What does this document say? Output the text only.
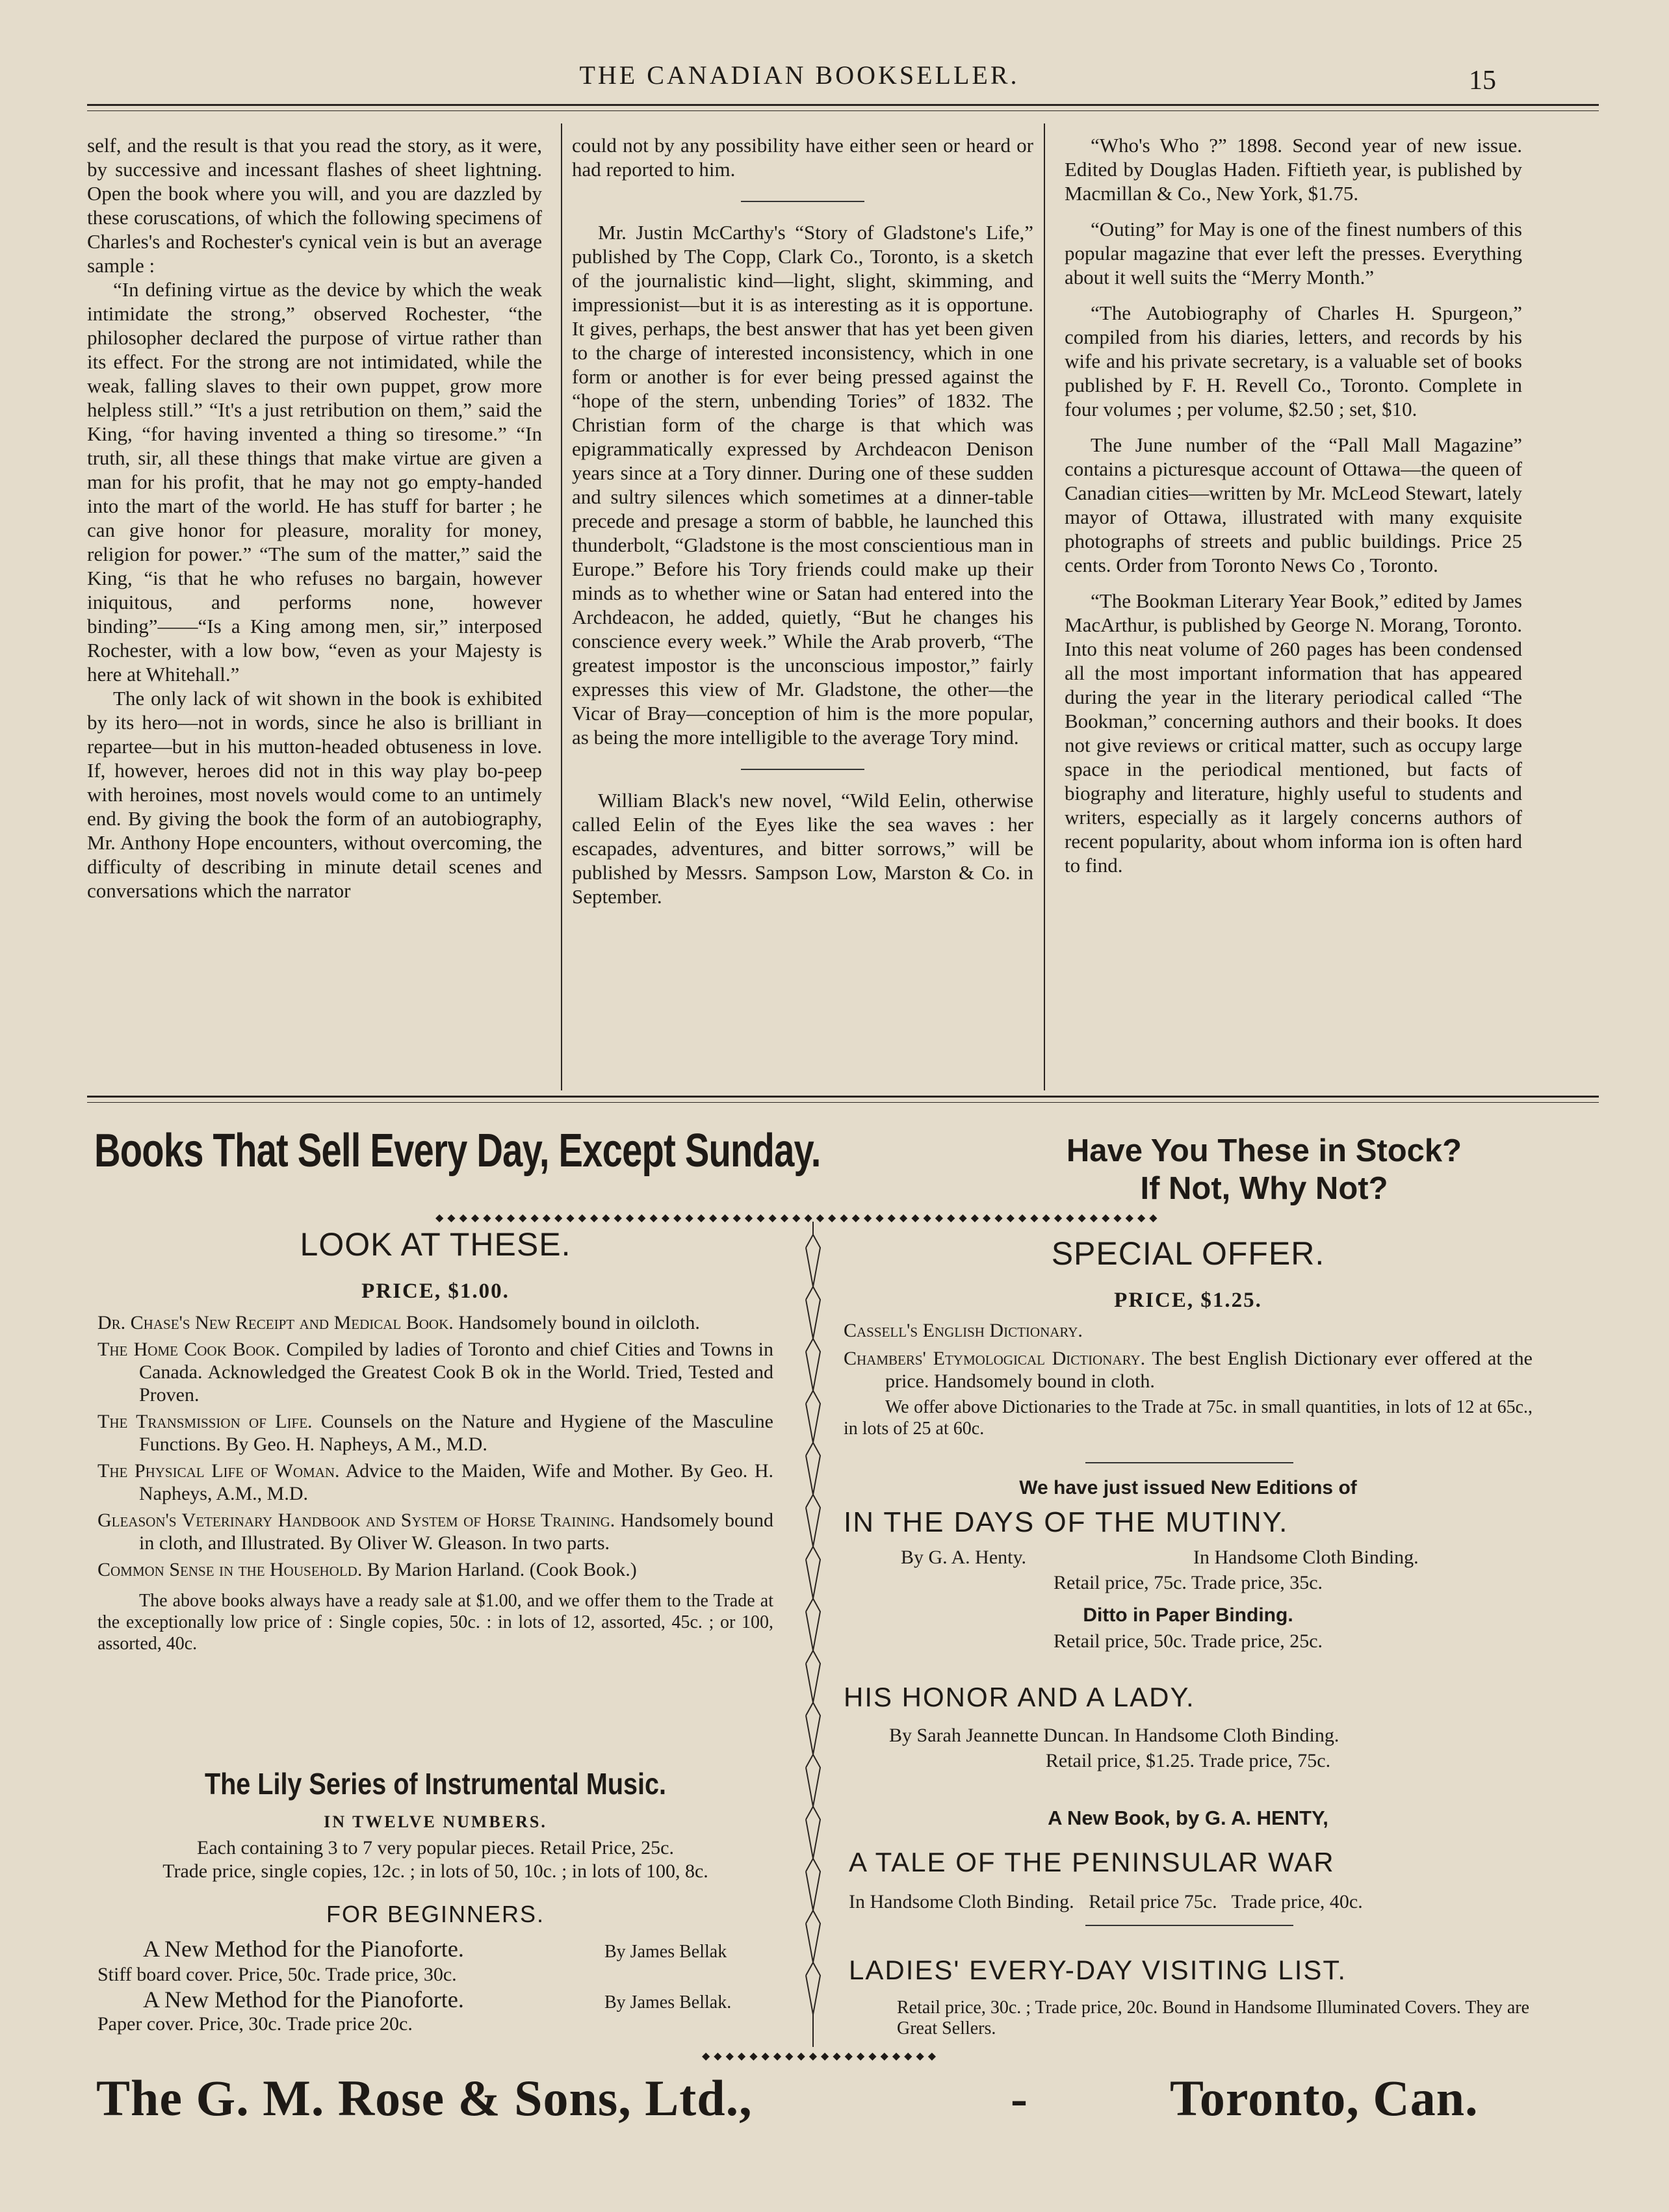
THE CANADIAN BOOKSELLER.	15

self, and the result is that you read the story, as it were, by successive and incessant flashes of sheet lightning. Open the book where you will, and you are dazzled by these coruscations, of which the following specimens of Charles's and Rochester's cynical vein is but an average sample :

“In defining virtue as the device by which the weak intimidate the strong,” observed Rochester, “the philosopher declared the purpose of virtue rather than its effect. For the strong are not intimidated, while the weak, falling slaves to their own puppet, grow more helpless still.” “It's a just retribution on them,” said the King, “for having invented a thing so tiresome.” “In truth, sir, all these things that make virtue are given a man for his profit, that he may not go empty-handed into the mart of the world. He has stuff for barter ; he can give honor for pleasure, morality for money, religion for power.” “The sum of the matter,” said the King, “is that he who refuses no bargain, however iniquitous, and performs none, however binding”——“Is a King among men, sir,” interposed Rochester, with a low bow, “even as your Majesty is here at Whitehall.”

The only lack of wit shown in the book is exhibited by its hero—not in words, since he also is brilliant in repartee—but in his mutton-headed obtuseness in love. If, however, heroes did not in this way play bo-peep with heroines, most novels would come to an untimely end. By giving the book the form of an autobiography, Mr. Anthony Hope encounters, without overcoming, the difficulty of describing in minute detail scenes and conversations which the narrator

could not by any possibility have either seen or heard or had reported to him.

Mr. Justin McCarthy's “Story of Gladstone's Life,” published by The Copp, Clark Co., Toronto, is a sketch of the journalistic kind—light, slight, skimming, and impressionist—but it is as interesting as it is opportune. It gives, perhaps, the best answer that has yet been given to the charge of interested inconsistency, which in one form or another is for ever being pressed against the “hope of the stern, unbending Tories” of 1832. The Christian form of the charge is that which was epigrammatically expressed by Archdeacon Denison years since at a Tory dinner. During one of these sudden and sultry silences which sometimes at a dinner-table precede and presage a storm of babble, he launched this thunderbolt, “Gladstone is the most conscientious man in Europe.” Before his Tory friends could make up their minds as to whether wine or Satan had entered into the Archdeacon, he added, quietly, “But he changes his conscience every week.” While the Arab proverb, “The greatest impostor is the unconscious impostor,” fairly expresses this view of Mr. Gladstone, the other—the Vicar of Bray—conception of him is the more popular, as being the more intelligible to the average Tory mind.

William Black's new novel, “Wild Eelin, otherwise called Eelin of the Eyes like the sea waves : her escapades, adventures, and bitter sorrows,” will be published by Messrs. Sampson Low, Marston & Co. in September.

“Who's Who ?” 1898. Second year of new issue. Edited by Douglas Haden. Fiftieth year, is published by Macmillan & Co., New York, $1.75.

“Outing” for May is one of the finest numbers of this popular magazine that ever left the presses. Everything about it well suits the “Merry Month.”

“The Autobiography of Charles H. Spurgeon,” compiled from his diaries, letters, and records by his wife and his private secretary, is a valuable set of books published by F. H. Revell Co., Toronto. Complete in four volumes ; per volume, $2.50 ; set, $10.

The June number of the “Pall Mall Magazine” contains a picturesque account of Ottawa—the queen of Canadian cities—written by Mr. McLeod Stewart, lately mayor of Ottawa, illustrated with many exquisite photographs of streets and public buildings. Price 25 cents. Order from Toronto News Co , Toronto.

“The Bookman Literary Year Book,” edited by James MacArthur, is published by George N. Morang, Toronto. Into this neat volume of 260 pages has been condensed all the most important information that has appeared during the year in the literary periodical called “The Bookman,” concerning authors and their books. It does not give reviews or critical matter, such as occupy large space in the periodical mentioned, but facts of biography and literature, highly useful to students and writers, especially as it largely concerns authors of recent popularity, about whom informa ion is often hard to find.

Books That Sell Every Day, Except Sunday.	Have You These in Stock?
If Not, Why Not?
◆◆◆◆◆◆◆◆◆◆◆◆◆◆◆◆◆◆◆◆◆◆◆◆◆◆◆◆◆◆◆◆◆◆◆◆◆◆◆◆◆◆◆◆◆◆◆◆◆◆◆◆◆◆◆◆◆◆◆◆◆
LOOK AT THESE.
PRICE, $1.00.
Dr. Chase's New Receipt and Medical Book. Handsomely bound in oilcloth.
The Home Cook Book. Compiled by ladies of Toronto and chief Cities and Towns in Canada. Acknowledged the Greatest Cook B ok in the World. Tried, Tested and Proven.
The Transmission of Life. Counsels on the Nature and Hygiene of the Masculine Functions. By Geo. H. Napheys, A M., M.D.
The Physical Life of Woman. Advice to the Maiden, Wife and Mother. By Geo. H. Napheys, A.M., M.D.
Gleason's Veterinary Handbook and System of Horse Training. Handsomely bound in cloth, and Illustrated. By Oliver W. Gleason. In two parts.
Common Sense in the Household. By Marion Harland. (Cook Book.)
The above books always have a ready sale at $1.00, and we offer them to the Trade at the exceptionally low price of : Single copies, 50c. : in lots of 12, assorted, 45c. ; or 100, assorted, 40c.
The Lily Series of Instrumental Music.
IN TWELVE NUMBERS.
Each containing 3 to 7 very popular pieces. Retail Price, 25c.
Trade price, single copies, 12c. ; in lots of 50, 10c. ; in lots of 100, 8c.
FOR BEGINNERS.
A New Method for the Pianoforte.	By James Bellak
Stiff board cover. Price, 50c. Trade price, 30c.
A New Method for the Pianoforte.	By James Bellak.
Paper cover. Price, 30c. Trade price 20c.
SPECIAL OFFER.
PRICE, $1.25.
Cassell's English Dictionary.
Chambers' Etymological Dictionary. The best English Dictionary ever offered at the price. Handsomely bound in cloth.
We offer above Dictionaries to the Trade at 75c. in small quantities, in lots of 12 at 65c., in lots of 25 at 60c.
We have just issued New Editions of
IN THE DAYS OF THE MUTINY.
By G. A. Henty.	In Handsome Cloth Binding.
Retail price, 75c. Trade price, 35c.
Ditto in Paper Binding.
Retail price, 50c. Trade price, 25c.
HIS HONOR AND A LADY.
By Sarah Jeannette Duncan. In Handsome Cloth Binding.
Retail price, $1.25. Trade price, 75c.
A New Book, by G. A. HENTY,
A TALE OF THE PENINSULAR WAR
In Handsome Cloth Binding.   Retail price 75c.   Trade price, 40c.
LADIES' EVERY-DAY VISITING LIST.
Retail price, 30c. ; Trade price, 20c. Bound in Handsome Illuminated Covers. They are Great Sellers.
◆◆◆◆◆◆◆◆◆◆◆◆◆◆◆◆◆◆◆◆
The G. M. Rose & Sons, Ltd.,	-	Toronto, Can.
